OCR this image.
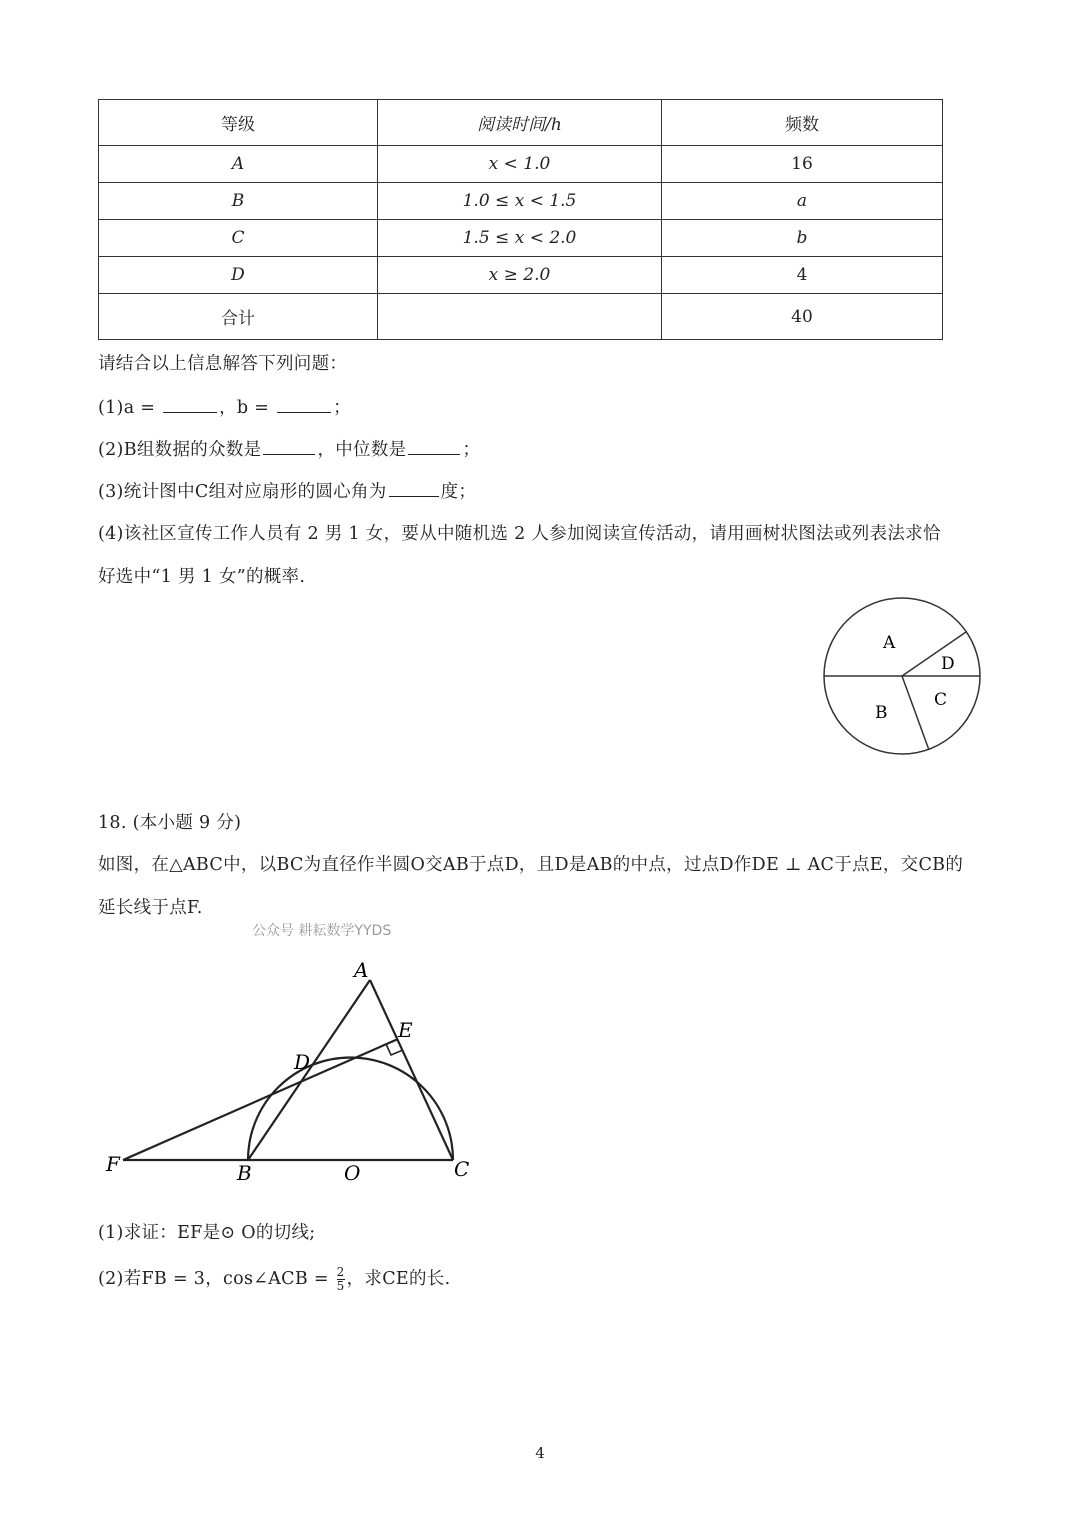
等级	阅读时间/h	频数
A	x < 1.0	16
B	1.0 ≤ x < 1.5	a
C	1.5 ≤ x < 2.0	b
D	x ≥ 2.0	4
合计		40
请结合以上信息解答下列问题：
(1)a =	，b =	；
(2)B组数据的众数是	，中位数是	；
(3)统计图中C组对应扇形的圆心角为	度；
(4)该社区宣传工作人员有 2 男 1 女，要从中随机选 2 人参加阅读宣传活动，请用画树状图法或列表法求恰
好选中“1 男 1 女”的概率.
A
D
C
B
18. (本小题 9 分)
如图，在△ABC中，以BC为直径作半圆O交AB于点D，且D是AB的中点，过点D作DE ⊥ AC于点E，交CB的
延长线于点F.
公众号 耕耘数学YYDS
A
E
D
F	B	O	C
(1)求证：EF是⊙ O的切线;
(2)若FB = 3，cos∠ACB = $\frac{2}{5}$ ，求CE的长.
4
